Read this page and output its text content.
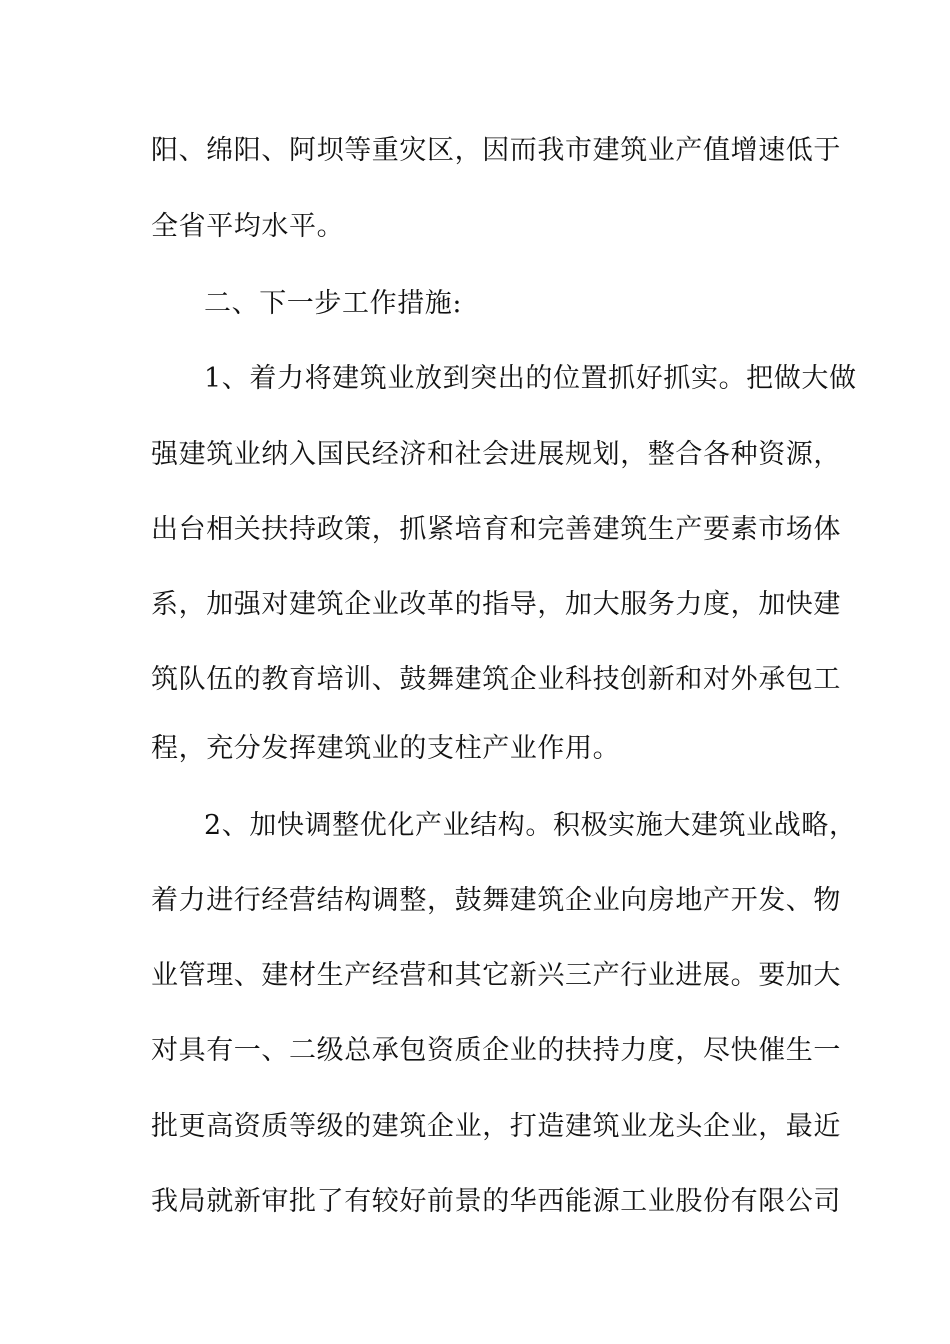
阳、绵阳、阿坝等重灾区，因而我市建筑业产值增速低于
全省平均水平。
二、下一步工作措施:
1、着力将建筑业放到突出的位置抓好抓实。把做大做
强建筑业纳入国民经济和社会进展规划，整合各种资源，
出台相关扶持政策，抓紧培育和完善建筑生产要素市场体
系，加强对建筑企业改革的指导，加大服务力度，加快建
筑队伍的教育培训、鼓舞建筑企业科技创新和对外承包工
程，充分发挥建筑业的支柱产业作用。
2、加快调整优化产业结构。积极实施大建筑业战略，
着力进行经营结构调整，鼓舞建筑企业向房地产开发、物
业管理、建材生产经营和其它新兴三产行业进展。要加大
对具有一、二级总承包资质企业的扶持力度，尽快催生一
批更高资质等级的建筑企业，打造建筑业龙头企业，最近
我局就新审批了有较好前景的华西能源工业股份有限公司
